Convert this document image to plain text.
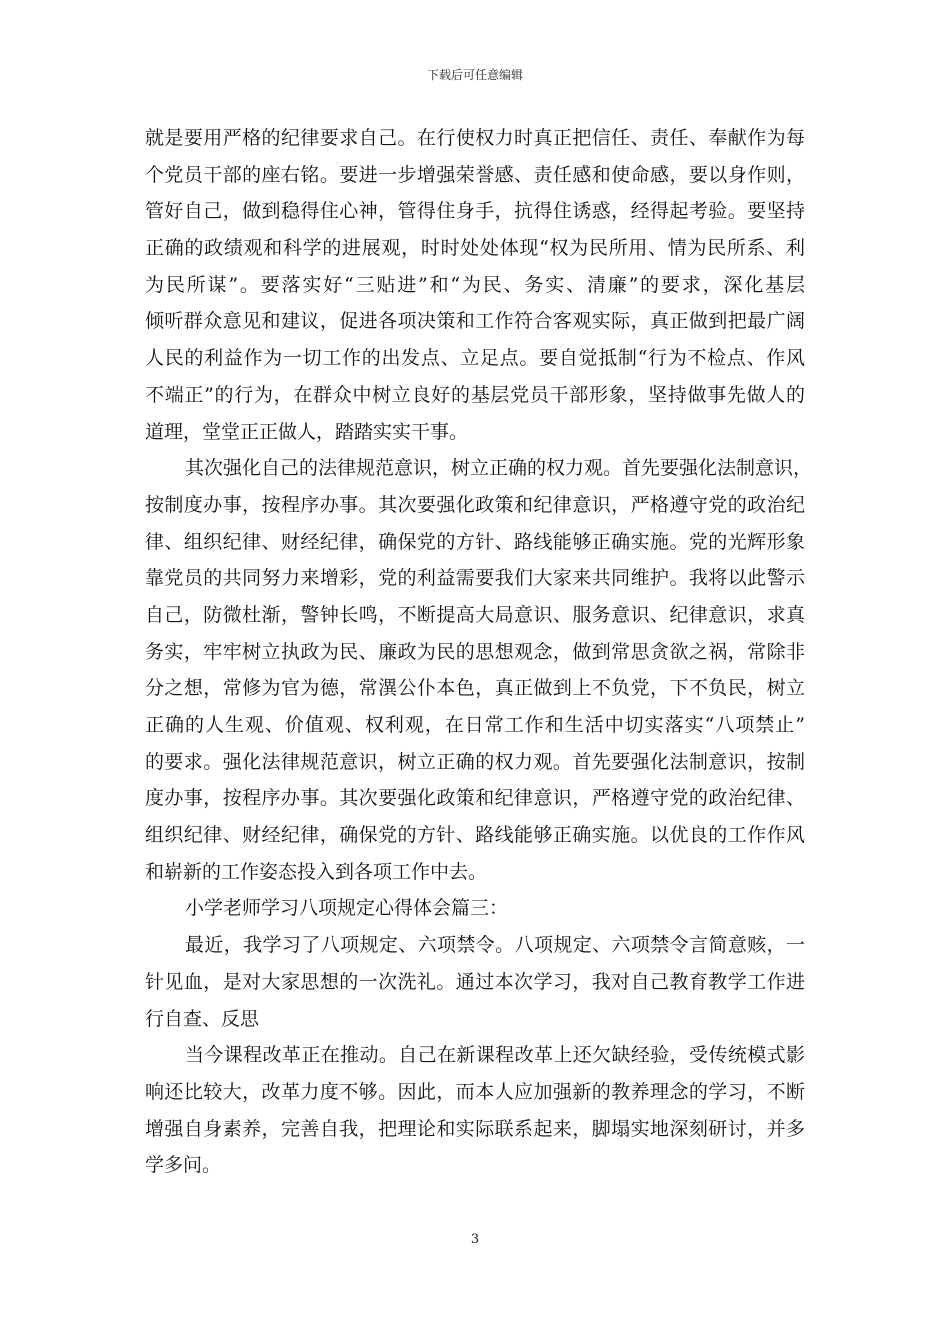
下载后可任意编辑
就是要用严格的纪律要求自己。在行使权力时真正把信任、责任、奉献作为每
个党员干部的座右铭。要进一步增强荣誉感、责任感和使命感，要以身作则，
管好自己，做到稳得住心神，管得住身手，抗得住诱惑，经得起考验。要坚持
正确的政绩观和科学的进展观，时时处处体现“权为民所用、情为民所系、利
为民所谋”。要落实好“三贴进”和“为民、务实、清廉”的要求，深化基层
倾听群众意见和建议，促进各项决策和工作符合客观实际，真正做到把最广阔
人民的利益作为一切工作的出发点、立足点。要自觉抵制“行为不检点、作风
不端正”的行为，在群众中树立良好的基层党员干部形象，坚持做事先做人的
道理，堂堂正正做人，踏踏实实干事。
其次强化自己的法律规范意识，树立正确的权力观。首先要强化法制意识，
按制度办事，按程序办事。其次要强化政策和纪律意识，严格遵守党的政治纪
律、组织纪律、财经纪律，确保党的方针、路线能够正确实施。党的光辉形象
靠党员的共同努力来增彩，党的利益需要我们大家来共同维护。我将以此警示
自己，防微杜渐，警钟长鸣，不断提高大局意识、服务意识、纪律意识，求真
务实，牢牢树立执政为民、廉政为民的思想观念，做到常思贪欲之祸，常除非
分之想，常修为官为德，常潩公仆本色，真正做到上不负党，下不负民，树立
正确的人生观、价值观、权利观，在日常工作和生活中切实落实“八项禁止”
的要求。强化法律规范意识，树立正确的权力观。首先要强化法制意识，按制
度办事，按程序办事。其次要强化政策和纪律意识，严格遵守党的政治纪律、
组织纪律、财经纪律，确保党的方针、路线能够正确实施。以优良的工作作风
和崭新的工作姿态投入到各项工作中去。
小学老师学习八项规定心得体会篇三：
最近，我学习了八项规定、六项禁令。八项规定、六项禁令言简意赅，一
针见血，是对大家思想的一次洗礼。通过本次学习，我对自己教育教学工作进
行自查、反思
当今课程改革正在推动。自己在新课程改革上还欠缺经验，受传统模式影
响还比较大，改革力度不够。因此，而本人应加强新的教养理念的学习，不断
增强自身素养，完善自我，把理论和实际联系起来，脚塌实地深刻研讨，并多
学多问。
3
